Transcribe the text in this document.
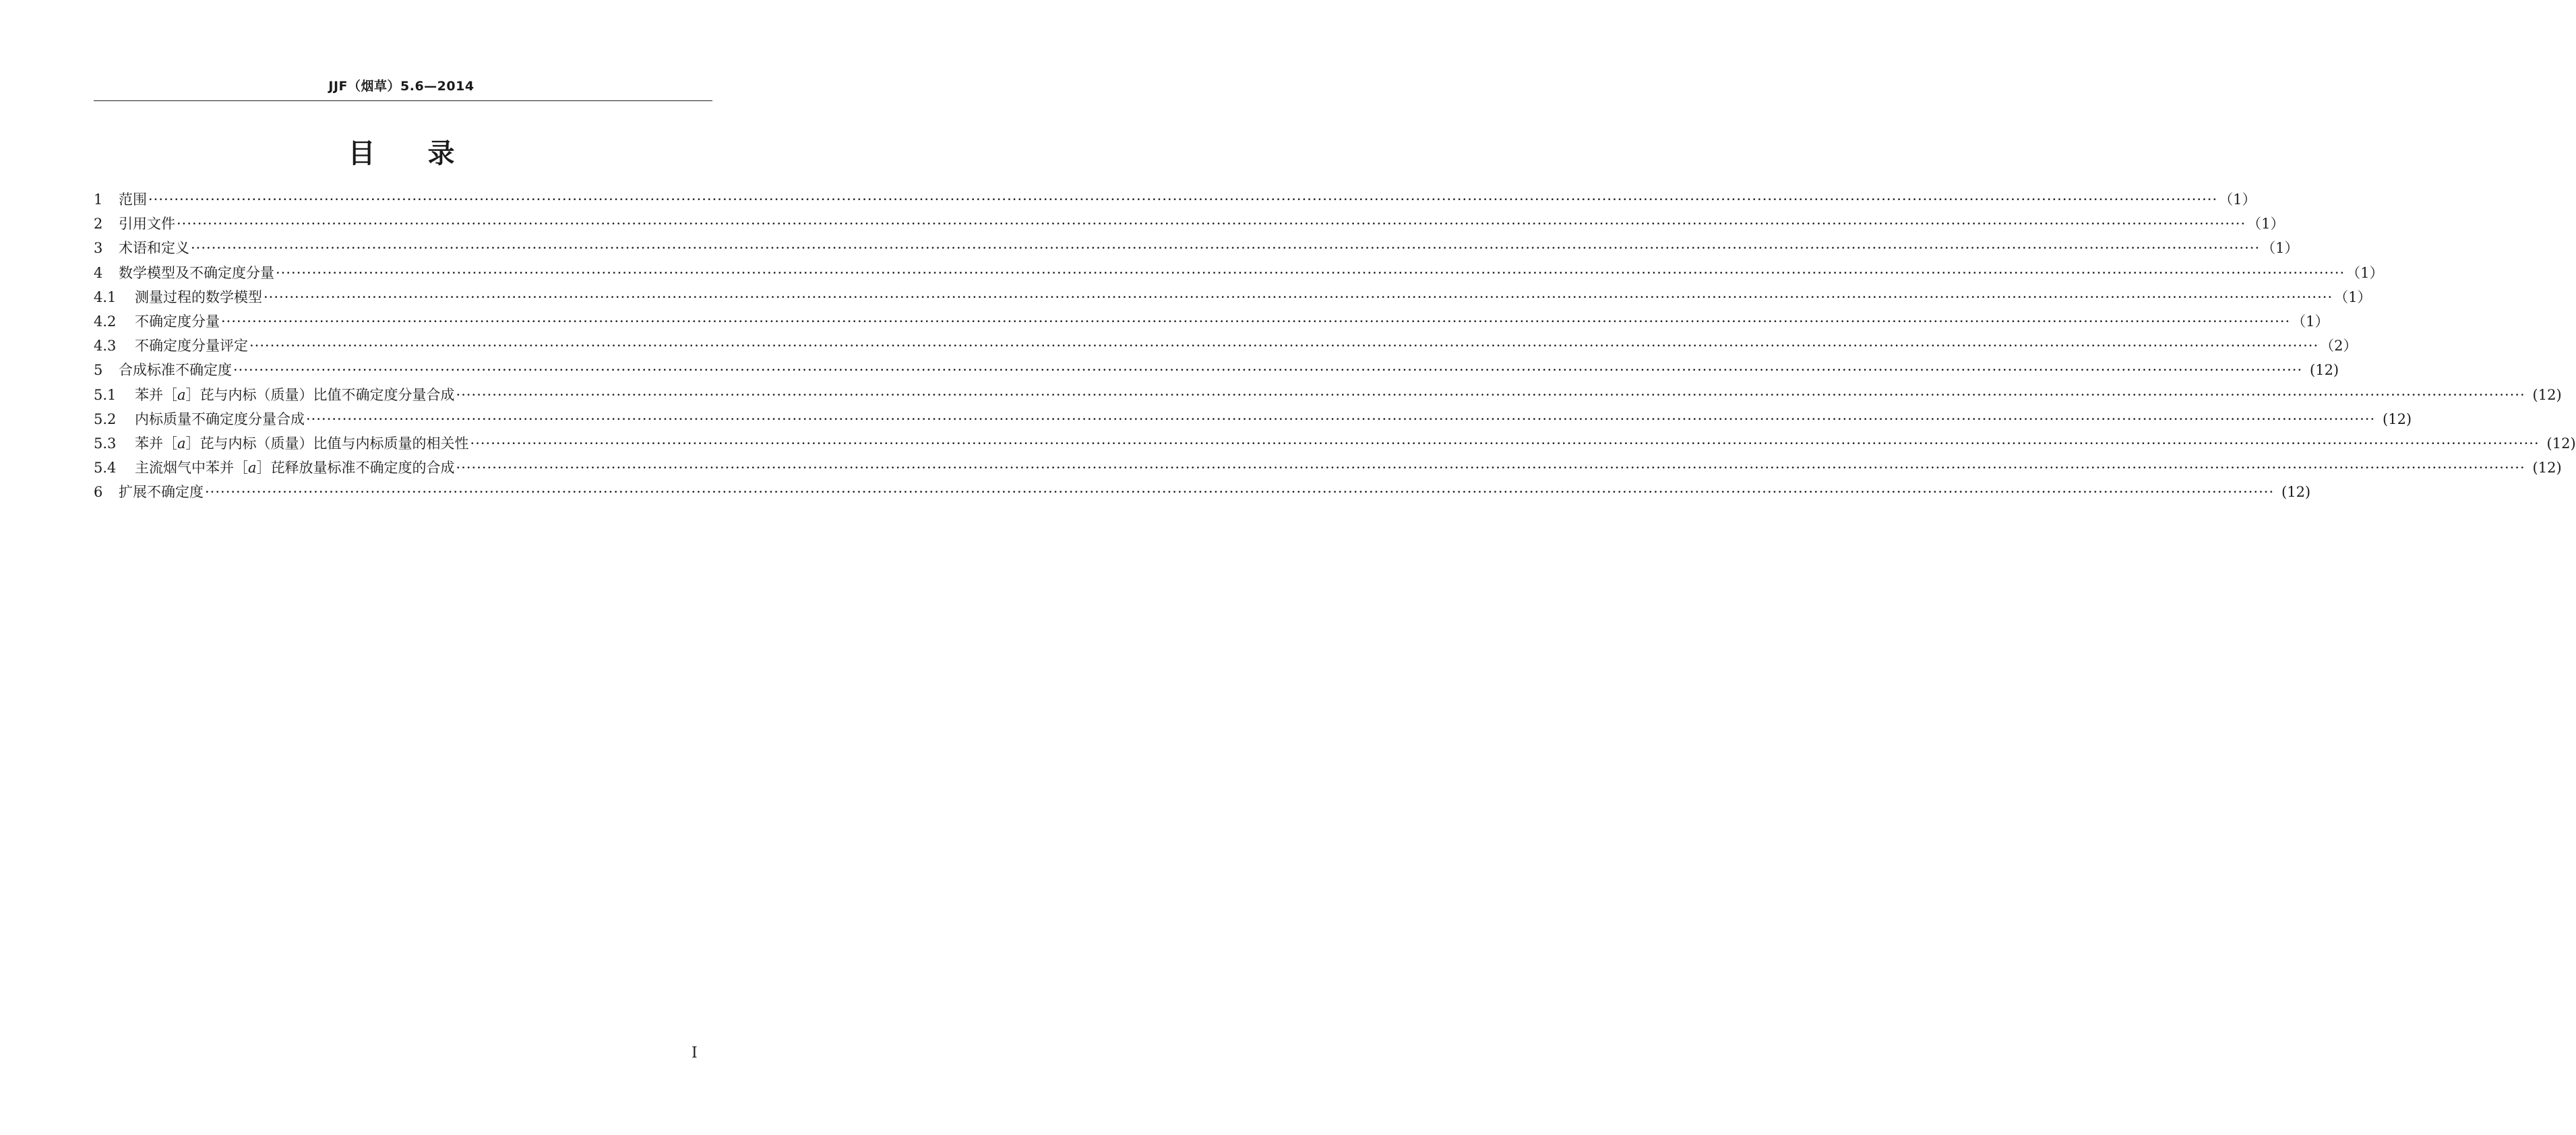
JJF（烟草）5.6—2014
目录
1	范围 ················································································································································································································································································································································································································ （1）
2	引用文件 ················································································································································································································································································································································································································ （1）
3	术语和定义 ················································································································································································································································································································································································································ （1）
4	数学模型及不确定度分量 ················································································································································································································································································································································································································ （1）
4.1	测量过程的数学模型 ················································································································································································································································································································································································································ （1）
4.2	不确定度分量 ················································································································································································································································································································································································································ （1）
4.3	不确定度分量评定 ················································································································································································································································································································································································································ （2）
5	合成标准不确定度 ················································································································································································································································································································································································································ (12)
5.1	苯并［a］芘与内标（质量）比值不确定度分量合成 ················································································································································································································································································································································································································ (12)
5.2	内标质量不确定度分量合成 ················································································································································································································································································································································································································ (12)
5.3	苯并［a］芘与内标（质量）比值与内标质量的相关性 ················································································································································································································································································································································································································ (12)
5.4	主流烟气中苯并［a］芘释放量标准不确定度的合成 ················································································································································································································································································································································································································ (12)
6	扩展不确定度 ················································································································································································································································································································································································································ (12)
Ⅰ
